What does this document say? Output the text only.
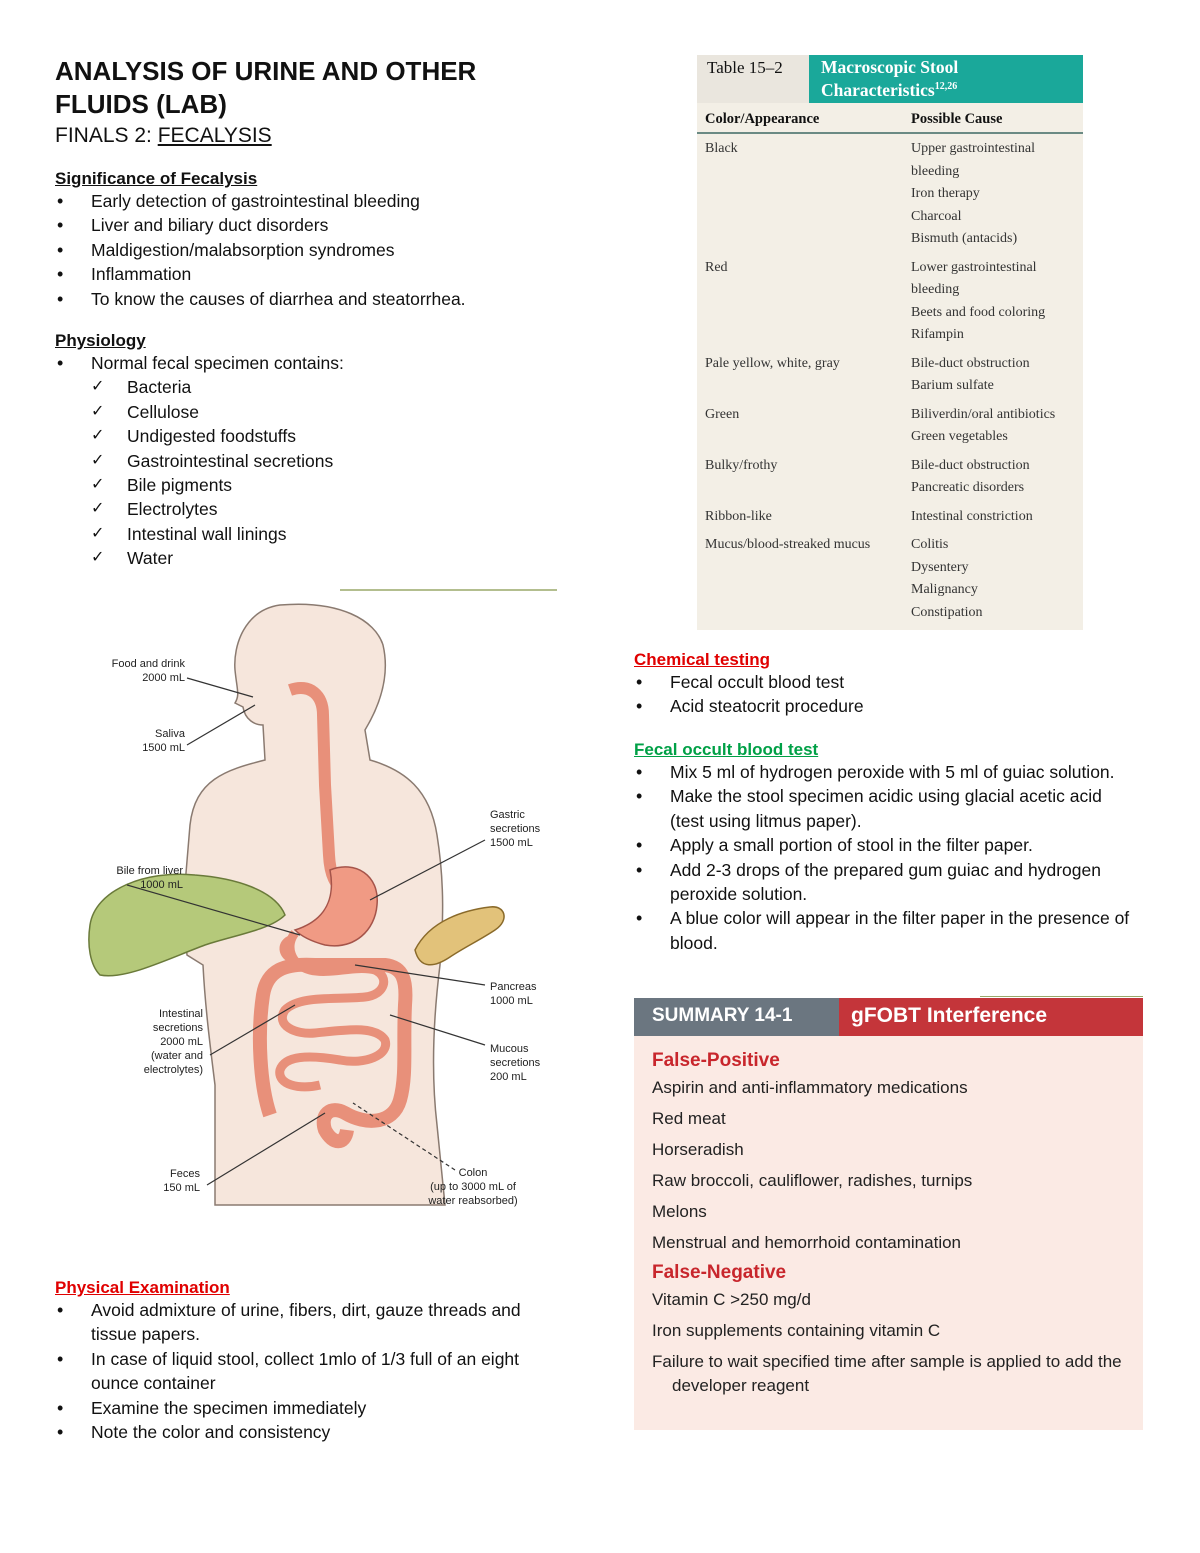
ANALYSIS OF URINE AND OTHER FLUIDS (LAB)
FINALS 2: FECALYSIS
Significance of Fecalysis
• Early detection of gastrointestinal bleeding
• Liver and biliary duct disorders
• Maldigestion/malabsorption syndromes
• Inflammation
• To know the causes of diarrhea and steatorrhea.
Physiology
• Normal fecal specimen contains:
✓ Bacteria
✓ Cellulose
✓ Undigested foodstuffs
✓ Gastrointestinal secretions
✓ Bile pigments
✓ Electrolytes
✓ Intestinal wall linings
✓ Water
Food and drink 2000 mL
Saliva 1500 mL
Bile from liver 1000 mL
Intestinal secretions 2000 mL (water and electrolytes)
Feces 150 mL
Gastric secretions 1500 mL
Pancreas 1000 mL
Mucous secretions 200 mL
Colon (up to 3000 mL of water reabsorbed)
Physical Examination
• Avoid admixture of urine, fibers, dirt, gauze threads and tissue papers.
• In case of liquid stool, collect 1mlo of 1/3 full of an eight ounce container
• Examine the specimen immediately
• Note the color and consistency
Table 15–2	Macroscopic Stool
Characteristics$^{12,26}$
Color/Appearance	Possible Cause
Black	Upper gastrointestinal
bleeding
Iron therapy
Charcoal
Bismuth (antacids)
Red	Lower gastrointestinal
bleeding
Beets and food coloring
Rifampin
Pale yellow, white, gray	Bile-duct obstruction
Barium sulfate
Green	Biliverdin/oral antibiotics
Green vegetables
Bulky/frothy	Bile-duct obstruction
Pancreatic disorders
Ribbon-like	Intestinal constriction
Mucus/blood-streaked mucus	Colitis
Dysentery
Malignancy
Constipation
Chemical testing
• Fecal occult blood test
• Acid steatocrit procedure
Fecal occult blood test
• Mix 5 ml of hydrogen peroxide with 5 ml of guiac solution.
• Make the stool specimen acidic using glacial acetic acid (test using litmus paper).
• Apply a small portion of stool in the filter paper.
• Add 2-3 drops of the prepared gum guiac and hydrogen peroxide solution.
• A blue color will appear in the filter paper in the presence of blood.
SUMMARY 14-1	gFOBT Interference
False-Positive
Aspirin and anti-inflammatory medications
Red meat
Horseradish
Raw broccoli, cauliflower, radishes, turnips
Melons
Menstrual and hemorrhoid contamination
False-Negative
Vitamin C >250 mg/d
Iron supplements containing vitamin C
Failure to wait specified time after sample is applied to add the developer reagent
